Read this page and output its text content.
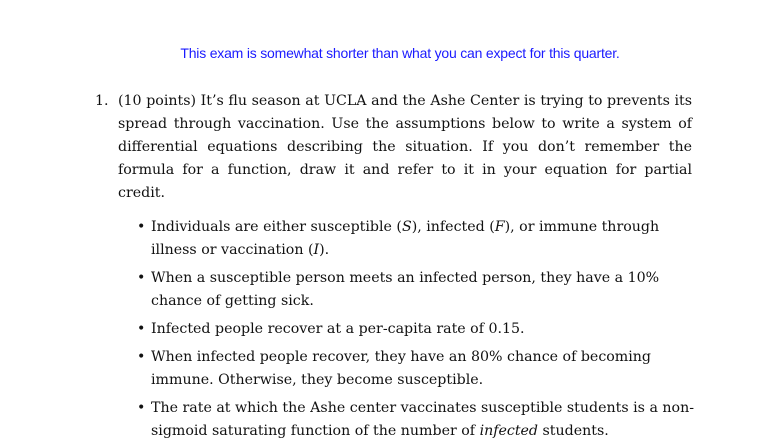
This exam is somewhat shorter than what you can expect for this quarter.
1. (10 points) It’s flu season at UCLA and the Ashe Center is trying to prevents its spread through vaccination. Use the assumptions below to write a system of differential equations describing the situation. If you don’t remember the formula for a function, draw it and refer to it in your equation for partial credit.
• Individuals are either susceptible (S), infected (F), or immune through illness or vaccination (I).
• When a susceptible person meets an infected person, they have a 10% chance of getting sick.
• Infected people recover at a per-capita rate of 0.15.
• When infected people recover, they have an 80% chance of becoming immune. Otherwise, they become susceptible.
• The rate at which the Ashe center vaccinates susceptible students is a non-sigmoid saturating function of the number of infected students.
